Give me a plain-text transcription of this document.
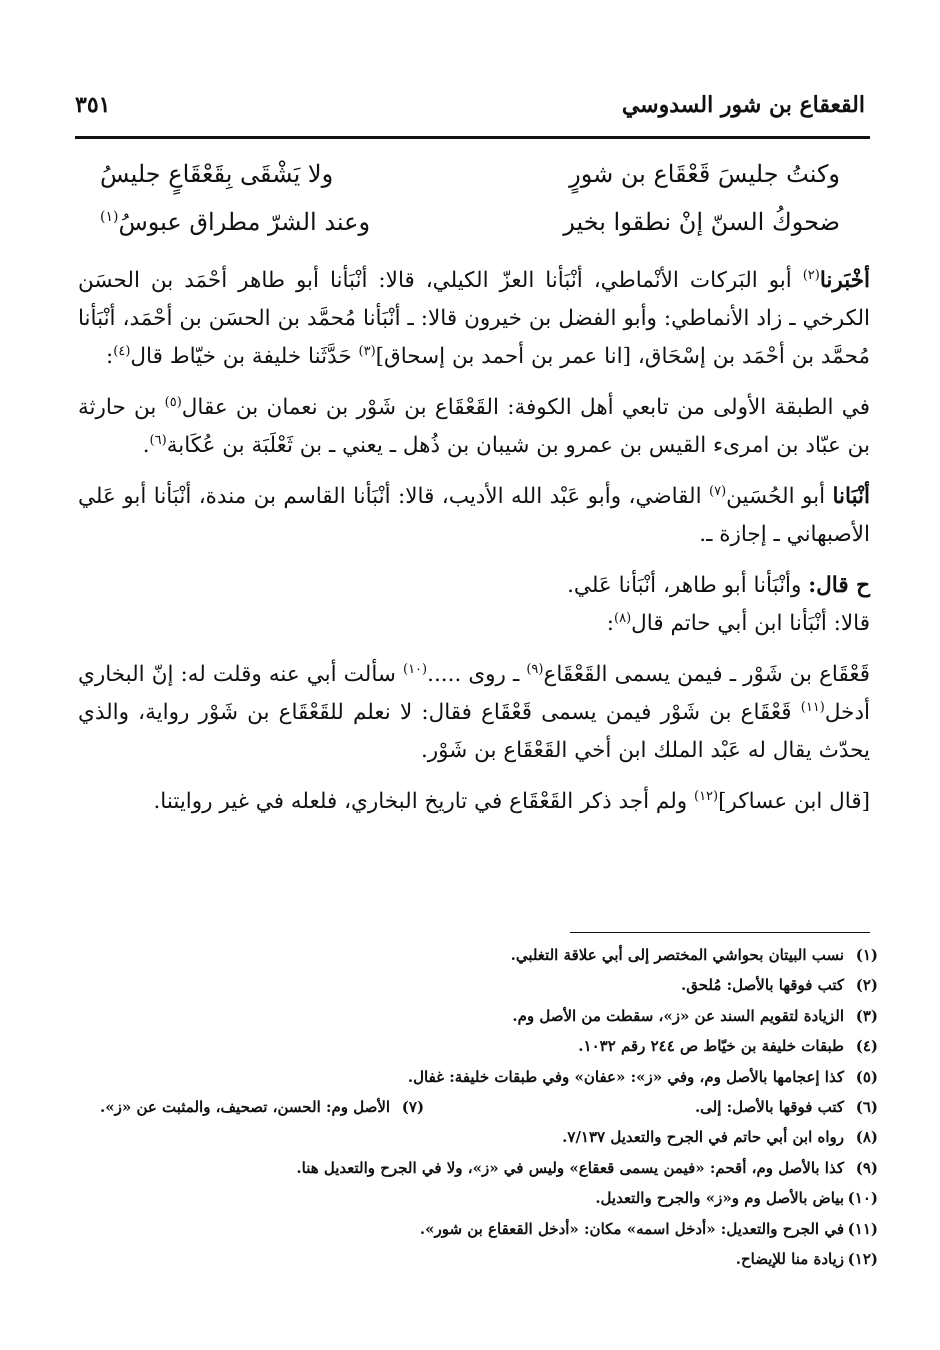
القعقاع بن شور السدوسي
٣٥١
وكنتُ جليسَ قَعْقَاع بن شورٍ
ولا يَشْقَى بِقَعْقَاعٍ جليسُ
ضحوكُ السنّ إنْ نطقوا بخير
وعند الشرّ مطراق عبوسُ$^{(١)}$

أخْبَرنا$^{(٢)}$ أبو البَركات الأنْماطي، أنْبَأنا العزّ الكيلي، قالا: أنْبَأنا أبو طاهر أحْمَد بن الحسَن الكرخي ـ زاد الأنماطي: وأبو الفضل بن خيرون قالا: ـ أنْبَأنا مُحمَّد بن الحسَن بن أحْمَد، أنْبَأنا مُحمَّد بن أحْمَد بن إسْحَاق، [انا عمر بن أحمد بن إسحاق]$^{(٣)}$ حَدَّثَنا خليفة بن خيّاط قال$^{(٤)}$:

في الطبقة الأولى من تابعي أهل الكوفة: القَعْقَاع بن شَوْر بن نعمان بن عقال$^{(٥)}$ بن حارثة بن عبّاد بن امرىء القيس بن عمرو بن شيبان بن ذُهل ـ يعني ـ بن ثَعْلَبَة بن عُكَابة$^{(٦)}$.

أنْبَانا أبو الحُسَين$^{(٧)}$ القاضي، وأبو عَبْد الله الأديب، قالا: أنْبَأنا القاسم بن مندة، أنْبَأنا أبو عَلي الأصبهاني ـ إجازة ـ.

ح قال: وأنْبَأنا أبو طاهر، أنْبَأنا عَلي.

قالا: أنْبَأنا ابن أبي حاتم قال$^{(٨)}$:

قَعْقَاع بن شَوْر ـ فيمن يسمى القَعْقَاع$^{(٩)}$ ـ روى .....$^{(١٠)}$ سألت أبي عنه وقلت له: إنّ البخاري أدخل$^{(١١)}$ قَعْقَاع بن شَوْر فيمن يسمى قَعْقَاع فقال: لا نعلم للقَعْقَاع بن شَوْر رواية، والذي يحدّث يقال له عَبْد الملك ابن أخي القَعْقَاع بن شَوْر.

[قال ابن عساكر]$^{(١٢)}$ ولم أجد ذكر القَعْقَاع في تاريخ البخاري، فلعله في غير روايتنا.

(١)نسب البيتان بحواشي المختصر إلى أبي علاقة التغلبي.
(٢)كتب فوقها بالأصل: مُلحق.
(٣)الزيادة لتقويم السند عن «ز»، سقطت من الأصل وم.
(٤)طبقات خليفة بن خيّاط ص ٢٤٤ رقم ١٠٣٢.
(٥)كذا إعجامها بالأصل وم، وفي «ز»: «عفان» وفي طبقات خليفة: غفال.
(٦)كتب فوقها بالأصل: إلى.
(٧)الأصل وم: الحسن، تصحيف، والمثبت عن «ز».
(٨)رواه ابن أبي حاتم في الجرح والتعديل ٧/١٣٧.
(٩)كذا بالأصل وم، أقحم: «فيمن يسمى قعقاع» وليس في «ز»، ولا في الجرح والتعديل هنا.
(١٠)بياض بالأصل وم و«ز» والجرح والتعديل.
(١١)في الجرح والتعديل: «أدخل اسمه» مكان: «أدخل القعقاع بن شور».
(١٢)زيادة منا للإيضاح.
